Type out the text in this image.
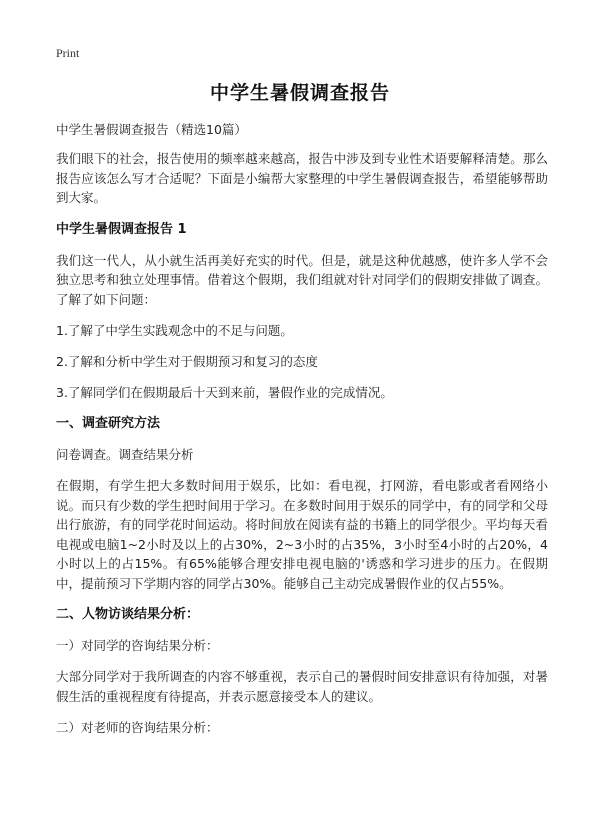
Print
中学生暑假调查报告

中学生暑假调查报告（精选10篇）

我们眼下的社会，报告使用的频率越来越高，报告中涉及到专业性术语要解释清楚。那么报告应该怎么写才合适呢？下面是小编帮大家整理的中学生暑假调查报告，希望能够帮助到大家。

中学生暑假调查报告 1

我们这一代人，从小就生活再美好充实的时代。但是，就是这种优越感，使许多人学不会独立思考和独立处理事情。借着这个假期，我们组就对针对同学们的假期安排做了调查。了解了如下问题：

1.了解了中学生实践观念中的不足与问题。

2.了解和分析中学生对于假期预习和复习的态度

3.了解同学们在假期最后十天到来前，暑假作业的完成情况。

一、调查研究方法

问卷调查。调查结果分析

在假期，有学生把大多数时间用于娱乐，比如：看电视，打网游，看电影或者看网络小说。而只有少数的学生把时间用于学习。在多数时间用于娱乐的同学中，有的同学和父母出行旅游，有的同学花时间运动。将时间放在阅读有益的书籍上的同学很少。平均每天看电视或电脑1~2小时及以上的占30%，2~3小时的占35%，3小时至4小时的占20%，4小时以上的占15%。有65%能够合理安排电视电脑的'诱惑和学习进步的压力。在假期中，提前预习下学期内容的同学占30%。能够自己主动完成暑假作业的仅占55%。

二、人物访谈结果分析：

一）对同学的咨询结果分析：

大部分同学对于我所调查的内容不够重视，表示自己的暑假时间安排意识有待加强，对暑假生活的重视程度有待提高，并表示愿意接受本人的建议。

二）对老师的咨询结果分析：
